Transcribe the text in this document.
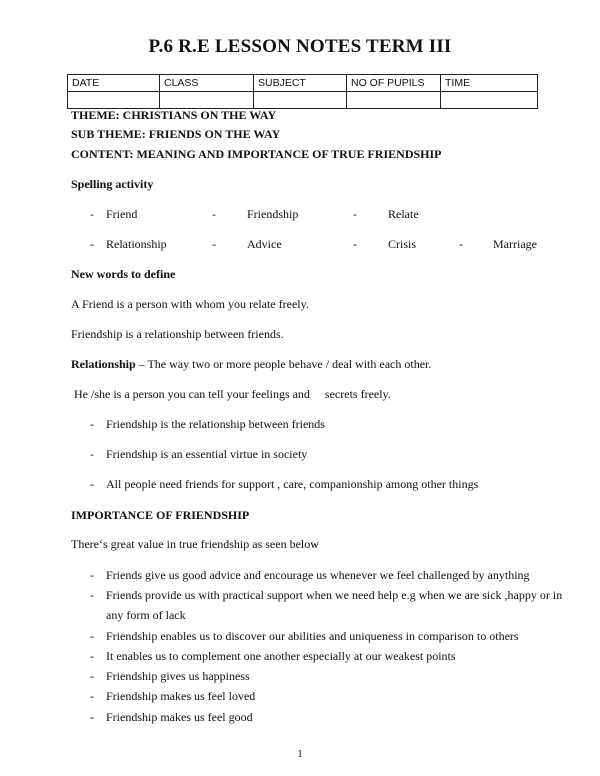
P.6 R.E LESSON NOTES TERM III
DATE	CLASS	SUBJECT	NO OF PUPILS	TIME

THEME: CHRISTIANS ON THE WAY
SUB THEME: FRIENDS ON THE WAY
CONTENT: MEANING AND IMPORTANCE OF TRUE FRIENDSHIP
Spelling activity
- Friend	-	Friendship	-	Relate
- Relationship	-	Advice	-	Crisis	-	Marriage
New words to define
A Friend is a person with whom you relate freely.
Friendship is a relationship between friends.
Relationship – The way two or more people behave / deal with each other.
He /she is a person you can tell your feelings and     secrets freely.
- Friendship is the relationship between friends
- Friendship is an essential virtue in society
- All people need friends for support , care, companionship among other things
IMPORTANCE OF FRIENDSHIP
There‘s great value in true friendship as seen below
- Friends give us good advice and encourage us whenever we feel challenged by anything
- Friends provide us with practical support when we need help e.g when we are sick ,happy or in
any form of lack
- Friendship enables us to discover our abilities and uniqueness in comparison to others
- It enables us to complement one another especially at our weakest points
- Friendship gives us happiness
- Friendship makes us feel loved
- Friendship makes us feel good
1
